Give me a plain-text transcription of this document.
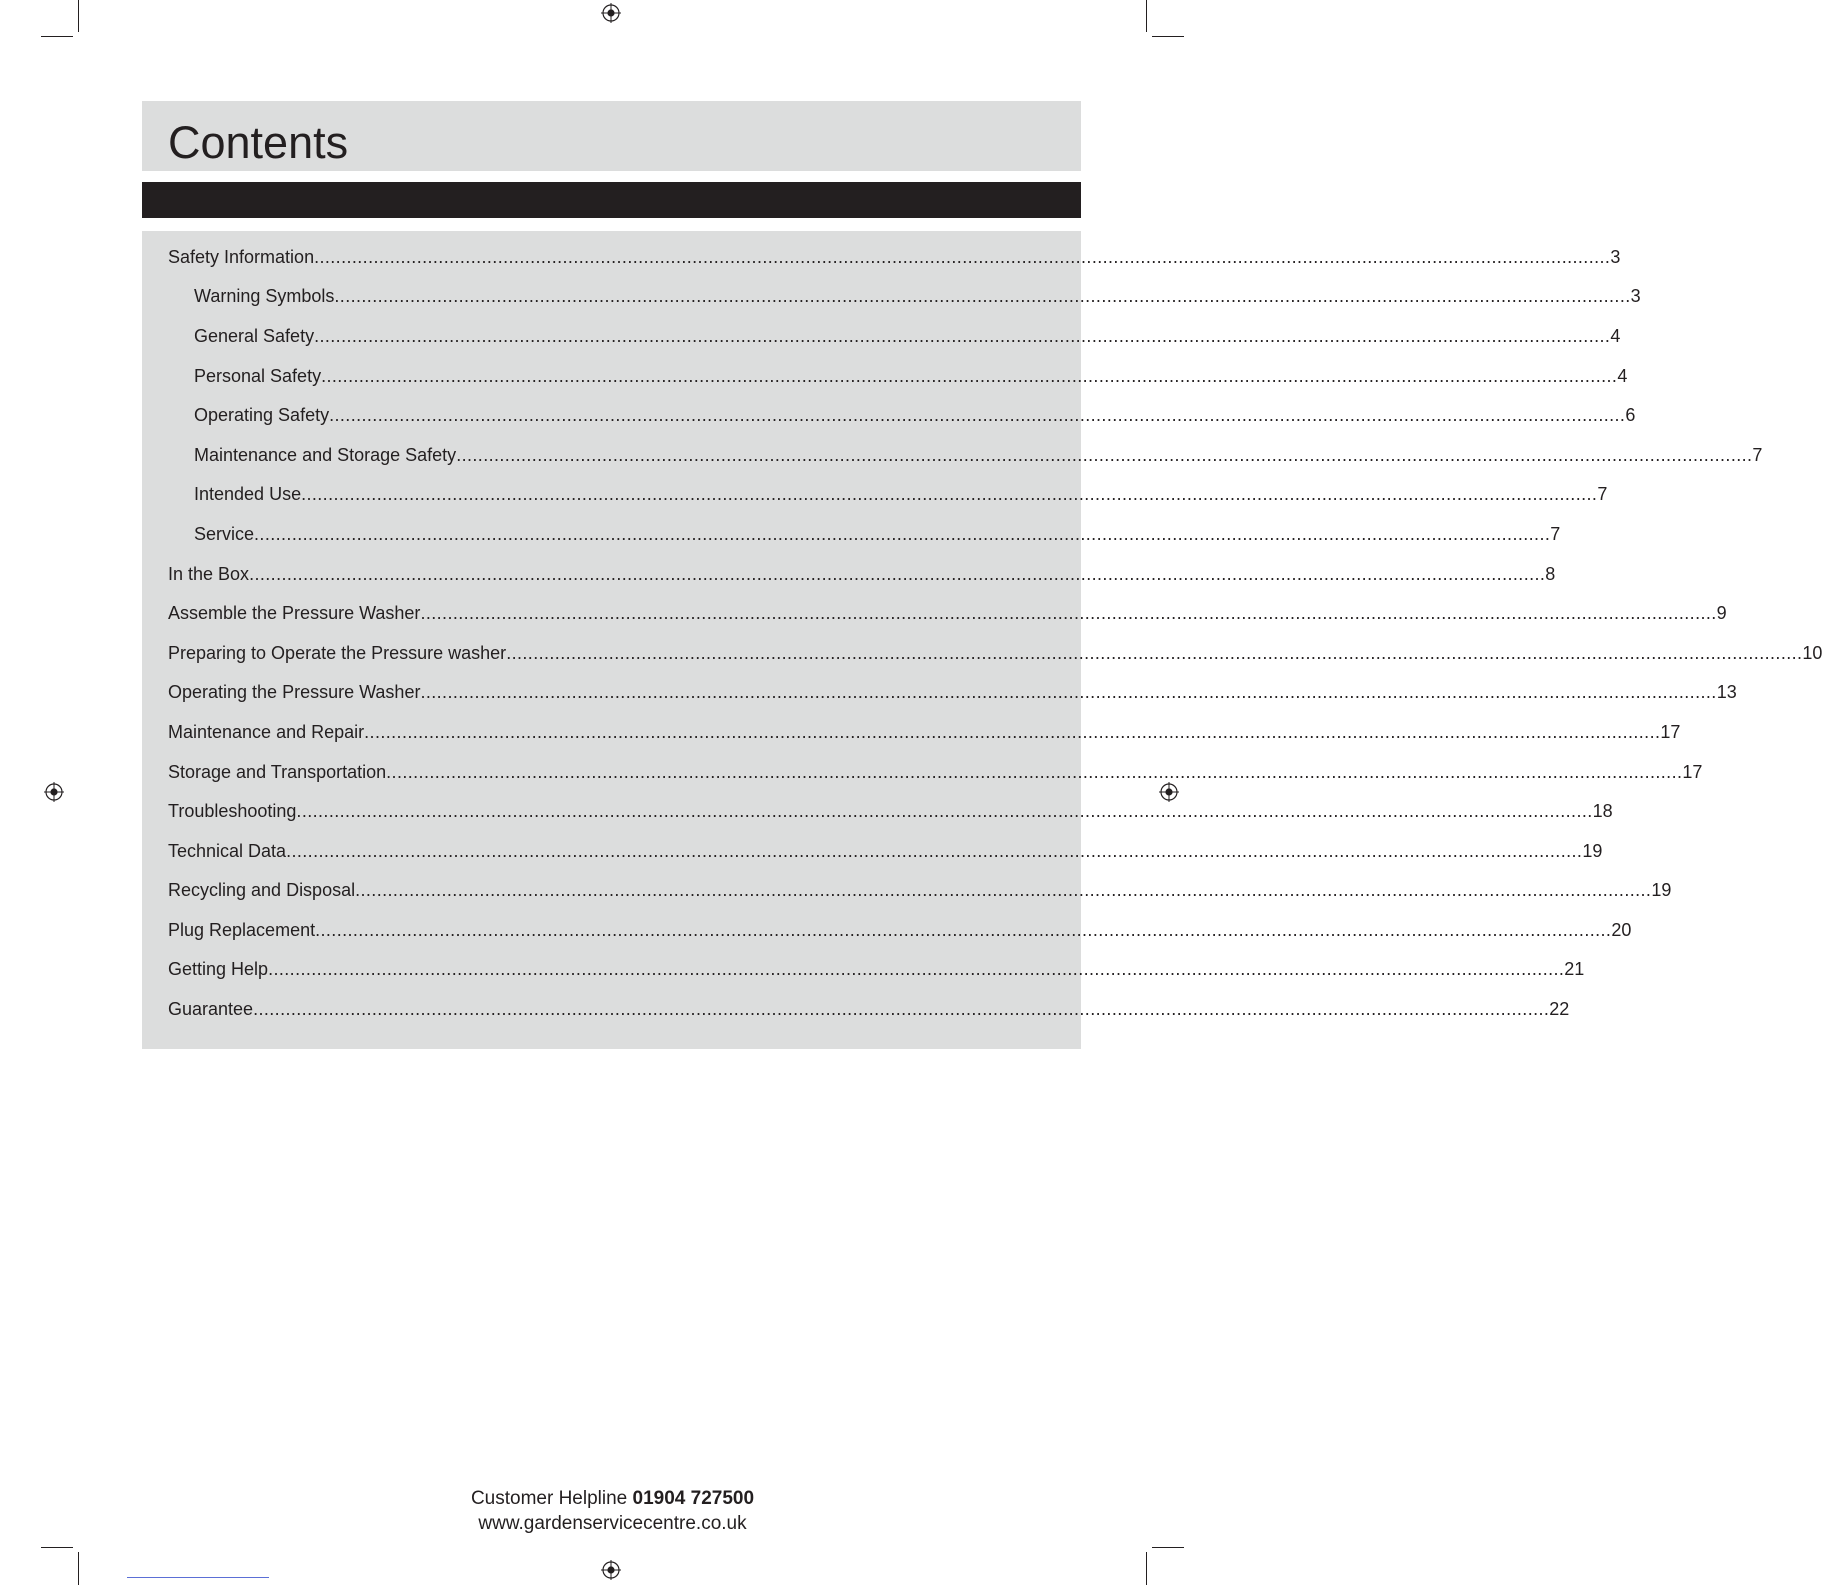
Contents
Safety Information ................................................................................................................................................................................................................................................ 3
Warning Symbols ................................................................................................................................................................................................................................................ 3
General Safety ................................................................................................................................................................................................................................................ 4
Personal Safety ................................................................................................................................................................................................................................................ 4
Operating Safety ................................................................................................................................................................................................................................................ 6
Maintenance and Storage Safety ................................................................................................................................................................................................................................................ 7
Intended Use ................................................................................................................................................................................................................................................ 7
Service ................................................................................................................................................................................................................................................ 7
In the Box ................................................................................................................................................................................................................................................ 8
Assemble the Pressure Washer ................................................................................................................................................................................................................................................ 9
Preparing to Operate the Pressure washer ................................................................................................................................................................................................................................................ 10
Operating the Pressure Washer ................................................................................................................................................................................................................................................ 13
Maintenance and Repair ................................................................................................................................................................................................................................................ 17
Storage and Transportation ................................................................................................................................................................................................................................................ 17
Troubleshooting ................................................................................................................................................................................................................................................ 18
Technical Data ................................................................................................................................................................................................................................................ 19
Recycling and Disposal ................................................................................................................................................................................................................................................ 19
Plug Replacement ................................................................................................................................................................................................................................................ 20
Getting Help ................................................................................................................................................................................................................................................ 21
Guarantee ................................................................................................................................................................................................................................................ 22
Customer Helpline 01904 727500
www.gardenservicecentre.co.uk
